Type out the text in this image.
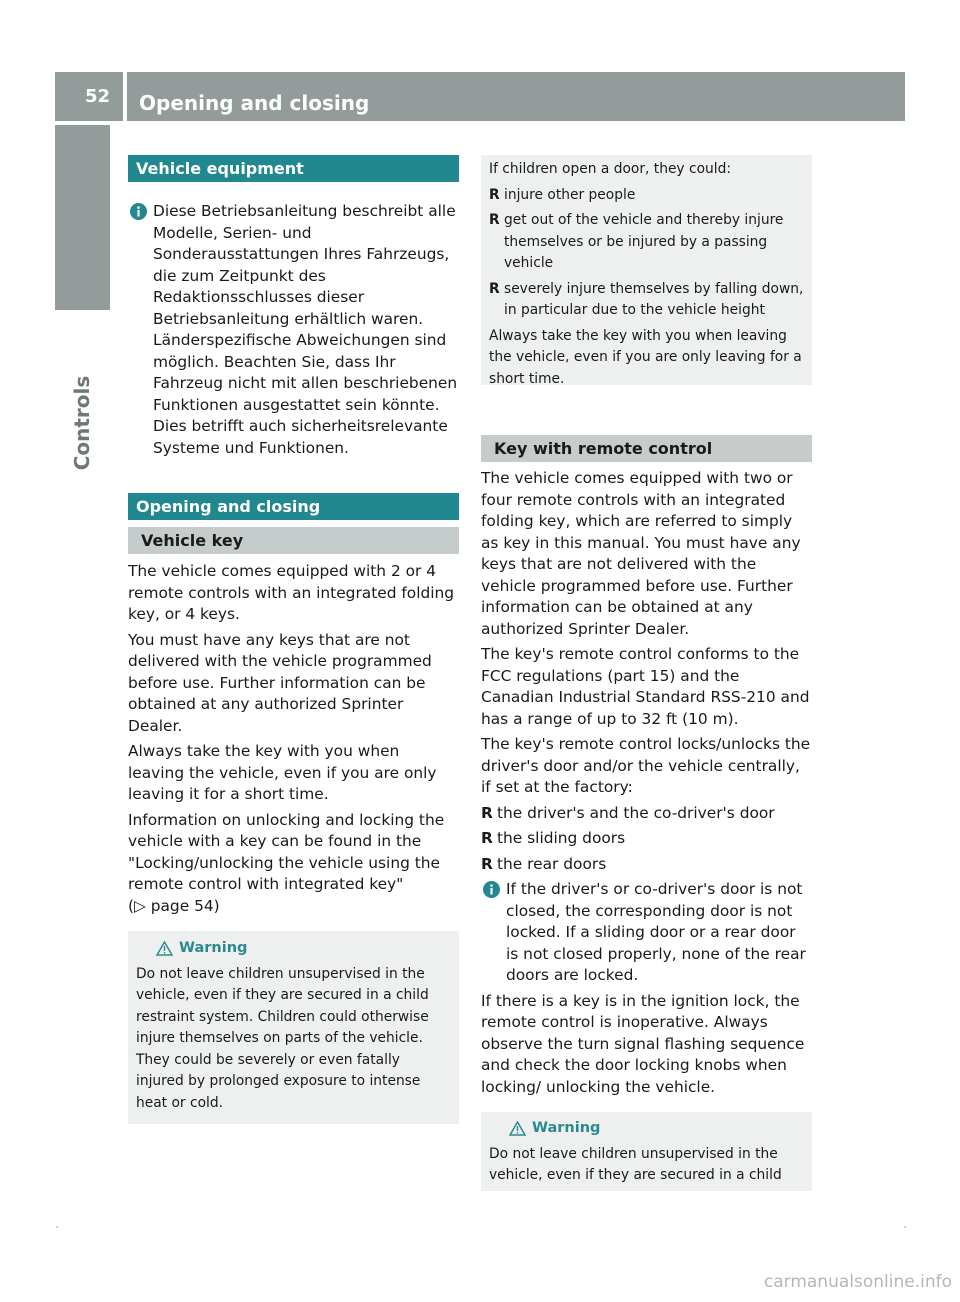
52	Opening and closing
Controls
Vehicle equipment
Diese Betriebsanleitung beschreibt alle Modelle, Serien- und Sonderausstattungen Ihres Fahrzeugs, die zum Zeitpunkt des Redaktionsschlusses dieser Betriebsanleitung erhältlich waren. Länderspezifische Abweichungen sind möglich. Beachten Sie, dass Ihr Fahrzeug nicht mit allen beschriebenen Funktionen ausgestattet sein könnte. Dies betrifft auch sicherheitsrelevante Systeme und Funktionen.
Opening and closing
Vehicle key

The vehicle comes equipped with 2 or 4 remote controls with an integrated folding key, or 4 keys.

You must have any keys that are not delivered with the vehicle programmed before use. Further information can be obtained at any authorized Sprinter Dealer.

Always take the key with you when leaving the vehicle, even if you are only leaving it for a short time.

Information on unlocking and locking the vehicle with a key can be found in the "Locking/unlocking the vehicle using the remote control with integrated key"

(▷ page 54)

Warning
Do not leave children unsupervised in the vehicle, even if they are secured in a child restraint system. Children could otherwise injure themselves on parts of the vehicle. They could be severely or even fatally injured by prolonged exposure to intense heat or cold.
If children open a door, they could:
R injure other people
R get out of the vehicle and thereby injure themselves or be injured by a passing vehicle
R severely injure themselves by falling down, in particular due to the vehicle height
Always take the key with you when leaving the vehicle, even if you are only leaving for a short time.
Key with remote control

The vehicle comes equipped with two or four remote controls with an integrated folding key, which are referred to simply as key in this manual. You must have any keys that are not delivered with the vehicle programmed before use. Further information can be obtained at any authorized Sprinter Dealer.

The key's remote control conforms to the FCC regulations (part 15) and the Canadian Industrial Standard RSS-210 and has a range of up to 32 ft (10 m).

The key's remote control locks/unlocks the driver's door and/or the vehicle centrally, if set at the factory:

R the driver's and the co-driver's door
R the sliding doors
R the rear doors
If the driver's or co-driver's door is not closed, the corresponding door is not locked. If a sliding door or a rear door is not closed properly, none of the rear doors are locked.

If there is a key is in the ignition lock, the remote control is inoperative. Always observe the turn signal flashing sequence and check the door locking knobs when locking/ unlocking the vehicle.

Warning
Do not leave children unsupervised in the vehicle, even if they are secured in a child
carmanualsonline.info
